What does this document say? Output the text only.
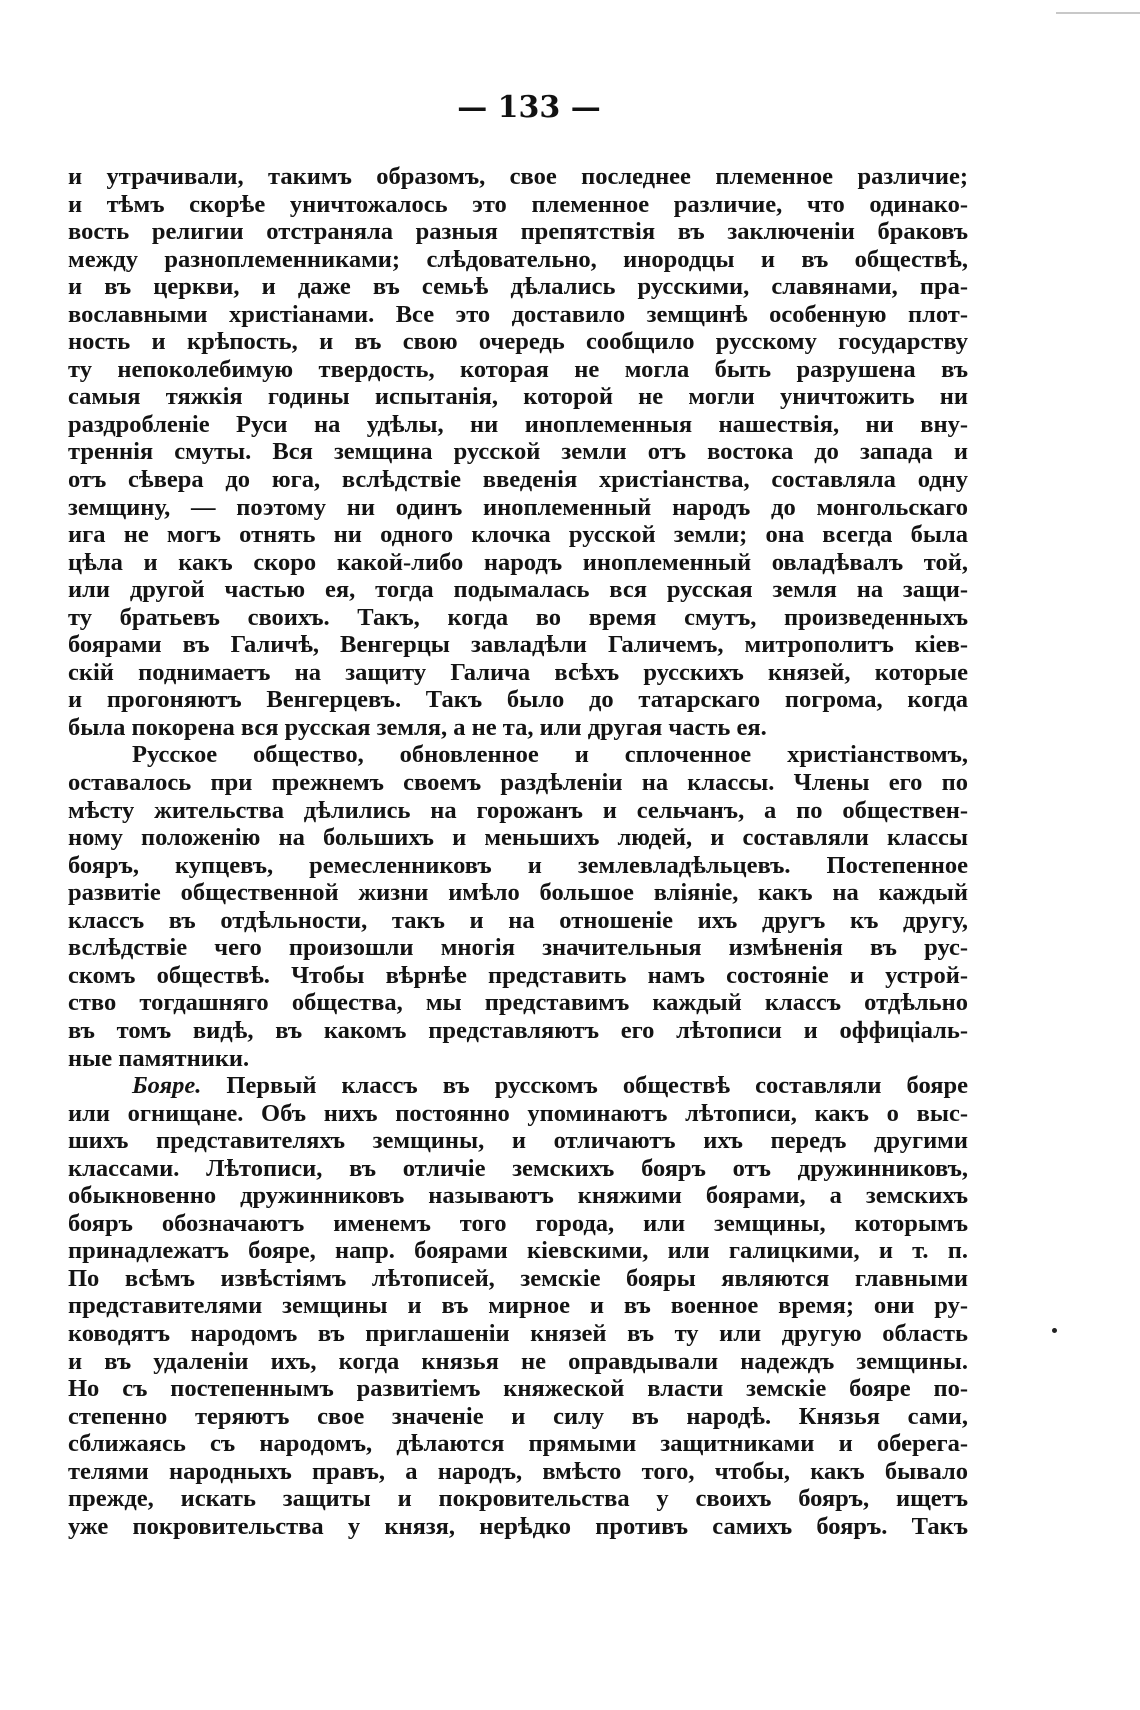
— 133 —
и утрачивали, такимъ образомъ, свое последнее племенное различие;
и тѣмъ скорѣе уничтожалось это племенное различие, что одинако-
вость религии отстраняла разныя препятствія въ заключеніи браковъ
между разноплеменниками; слѣдовательно, инородцы и въ обществѣ,
и въ церкви, и даже въ семьѣ дѣлались русскими, славянами, пра-
вославными христіанами. Все это доставило земщинѣ особенную плот-
ность и крѣпость, и въ свою очередь сообщило русскому государству
ту непоколебимую твердость, которая не могла быть разрушена въ
самыя тяжкія годины испытанія, которой не могли уничтожить ни
раздробленіе Руси на удѣлы, ни иноплеменныя нашествія, ни вну-
треннія смуты. Вся земщина русской земли отъ востока до запада и
отъ сѣвера до юга, вслѣдствіе введенія христіанства, составляла одну
земщину, — поэтому ни одинъ иноплеменный народъ до монгольскаго
ига не могъ отнять ни одного клочка русской земли; она всегда была
цѣла и какъ скоро какой-либо народъ иноплеменный овладѣвалъ той,
или другой частью ея, тогда подымалась вся русская земля на защи-
ту братьевъ своихъ. Такъ, когда во время смутъ, произведенныхъ
боярами въ Галичѣ, Венгерцы завладѣли Галичемъ, митрополитъ кіев-
скій поднимаетъ на защиту Галича всѣхъ русскихъ князей, которые
и прогоняютъ Венгерцевъ. Такъ было до татарскаго погрома, когда
была покорена вся русская земля, а не та, или другая часть ея.
Русское общество, обновленное и сплоченное христіанствомъ,
оставалось при прежнемъ своемъ раздѣленіи на классы. Члены его по
мѣсту жительства дѣлились на горожанъ и сельчанъ, а по обществен-
ному положенію на большихъ и меньшихъ людей, и составляли классы
бояръ, купцевъ, ремесленниковъ и землевладѣльцевъ. Постепенное
развитіе общественной жизни имѣло большое вліяніе, какъ на каждый
классъ въ отдѣльности, такъ и на отношеніе ихъ другъ къ другу,
вслѣдствіе чего произошли многія значительныя измѣненія въ рус-
скомъ обществѣ. Чтобы вѣрнѣе представить намъ состояніе и устрой-
ство тогдашняго общества, мы представимъ каждый классъ отдѣльно
въ томъ видѣ, въ какомъ представляютъ его лѣтописи и оффиціаль-
ные памятники.
Бояре. Первый классъ въ русскомъ обществѣ составляли бояре
или огнищане. Объ нихъ постоянно упоминаютъ лѣтописи, какъ о выс-
шихъ представителяхъ земщины, и отличаютъ ихъ передъ другими
классами. Лѣтописи, въ отличіе земскихъ бояръ отъ дружинниковъ,
обыкновенно дружинниковъ называютъ княжими боярами, а земскихъ
бояръ обозначаютъ именемъ того города, или земщины, которымъ
принадлежатъ бояре, напр. боярами кіевскими, или галицкими, и т. п.
По всѣмъ извѣстіямъ лѣтописей, земскіе бояры являются главными
представителями земщины и въ мирное и въ военное время; они ру-
ководятъ народомъ въ приглашеніи князей въ ту или другую область
и въ удаленіи ихъ, когда князья не оправдывали надеждъ земщины.
Но съ постепеннымъ развитіемъ княжеской власти земскіе бояре по-
степенно теряютъ свое значеніе и силу въ народѣ. Князья сами,
сближаясь съ народомъ, дѣлаются прямыми защитниками и оберега-
телями народныхъ правъ, а народъ, вмѣсто того, чтобы, какъ бывало
прежде, искать защиты и покровительства у своихъ бояръ, ищетъ
уже покровительства у князя, нерѣдко противъ самихъ бояръ. Такъ
